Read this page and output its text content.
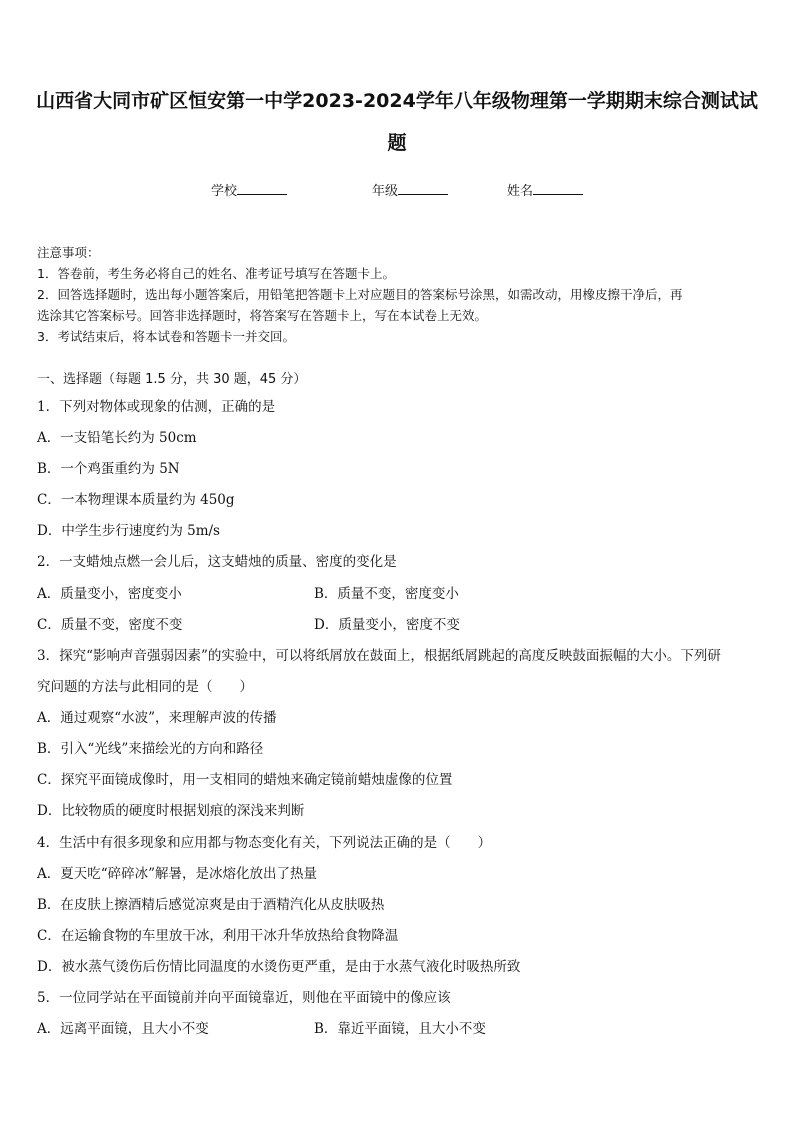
山西省大同市矿区恒安第一中学2023-2024学年八年级物理第一学期期末综合测试试
题
学校	年级	姓名
注意事项：
1．答卷前，考生务必将自己的姓名、准考证号填写在答题卡上。
2．回答选择题时，选出每小题答案后，用铅笔把答题卡上对应题目的答案标号涂黑，如需改动，用橡皮擦干净后，再
选涂其它答案标号。回答非选择题时，将答案写在答题卡上，写在本试卷上无效。
3．考试结束后，将本试卷和答题卡一并交回。
一、选择题（每题 1.5 分，共 30 题，45 分）
1．下列对物体或现象的估测，正确的是
A．一支铅笔长约为 50cm
B．一个鸡蛋重约为 5N
C．一本物理课本质量约为 450g
D．中学生步行速度约为 5m/s
2．一支蜡烛点燃一会儿后，这支蜡烛的质量、密度的变化是
A．质量变小，密度变小	B．质量不变，密度变小
C．质量不变，密度不变	D．质量变小，密度不变
3．探究“影响声音强弱因素”的实验中，可以将纸屑放在鼓面上，根据纸屑跳起的高度反映鼓面振幅的大小。下列研
究问题的方法与此相同的是（　　）
A．通过观察“水波”，来理解声波的传播
B．引入“光线”来描绘光的方向和路径
C．探究平面镜成像时，用一支相同的蜡烛来确定镜前蜡烛虚像的位置
D．比较物质的硬度时根据划痕的深浅来判断
4．生活中有很多现象和应用都与物态变化有关，下列说法正确的是（　　）
A．夏天吃“碎碎冰”解暑，是冰熔化放出了热量
B．在皮肤上擦酒精后感觉凉爽是由于酒精汽化从皮肤吸热
C．在运输食物的车里放干冰，利用干冰升华放热给食物降温
D．被水蒸气烫伤后伤情比同温度的水烫伤更严重，是由于水蒸气液化时吸热所致
5．一位同学站在平面镜前并向平面镜靠近，则他在平面镜中的像应该
A．远离平面镜，且大小不变	B．靠近平面镜，且大小不变
